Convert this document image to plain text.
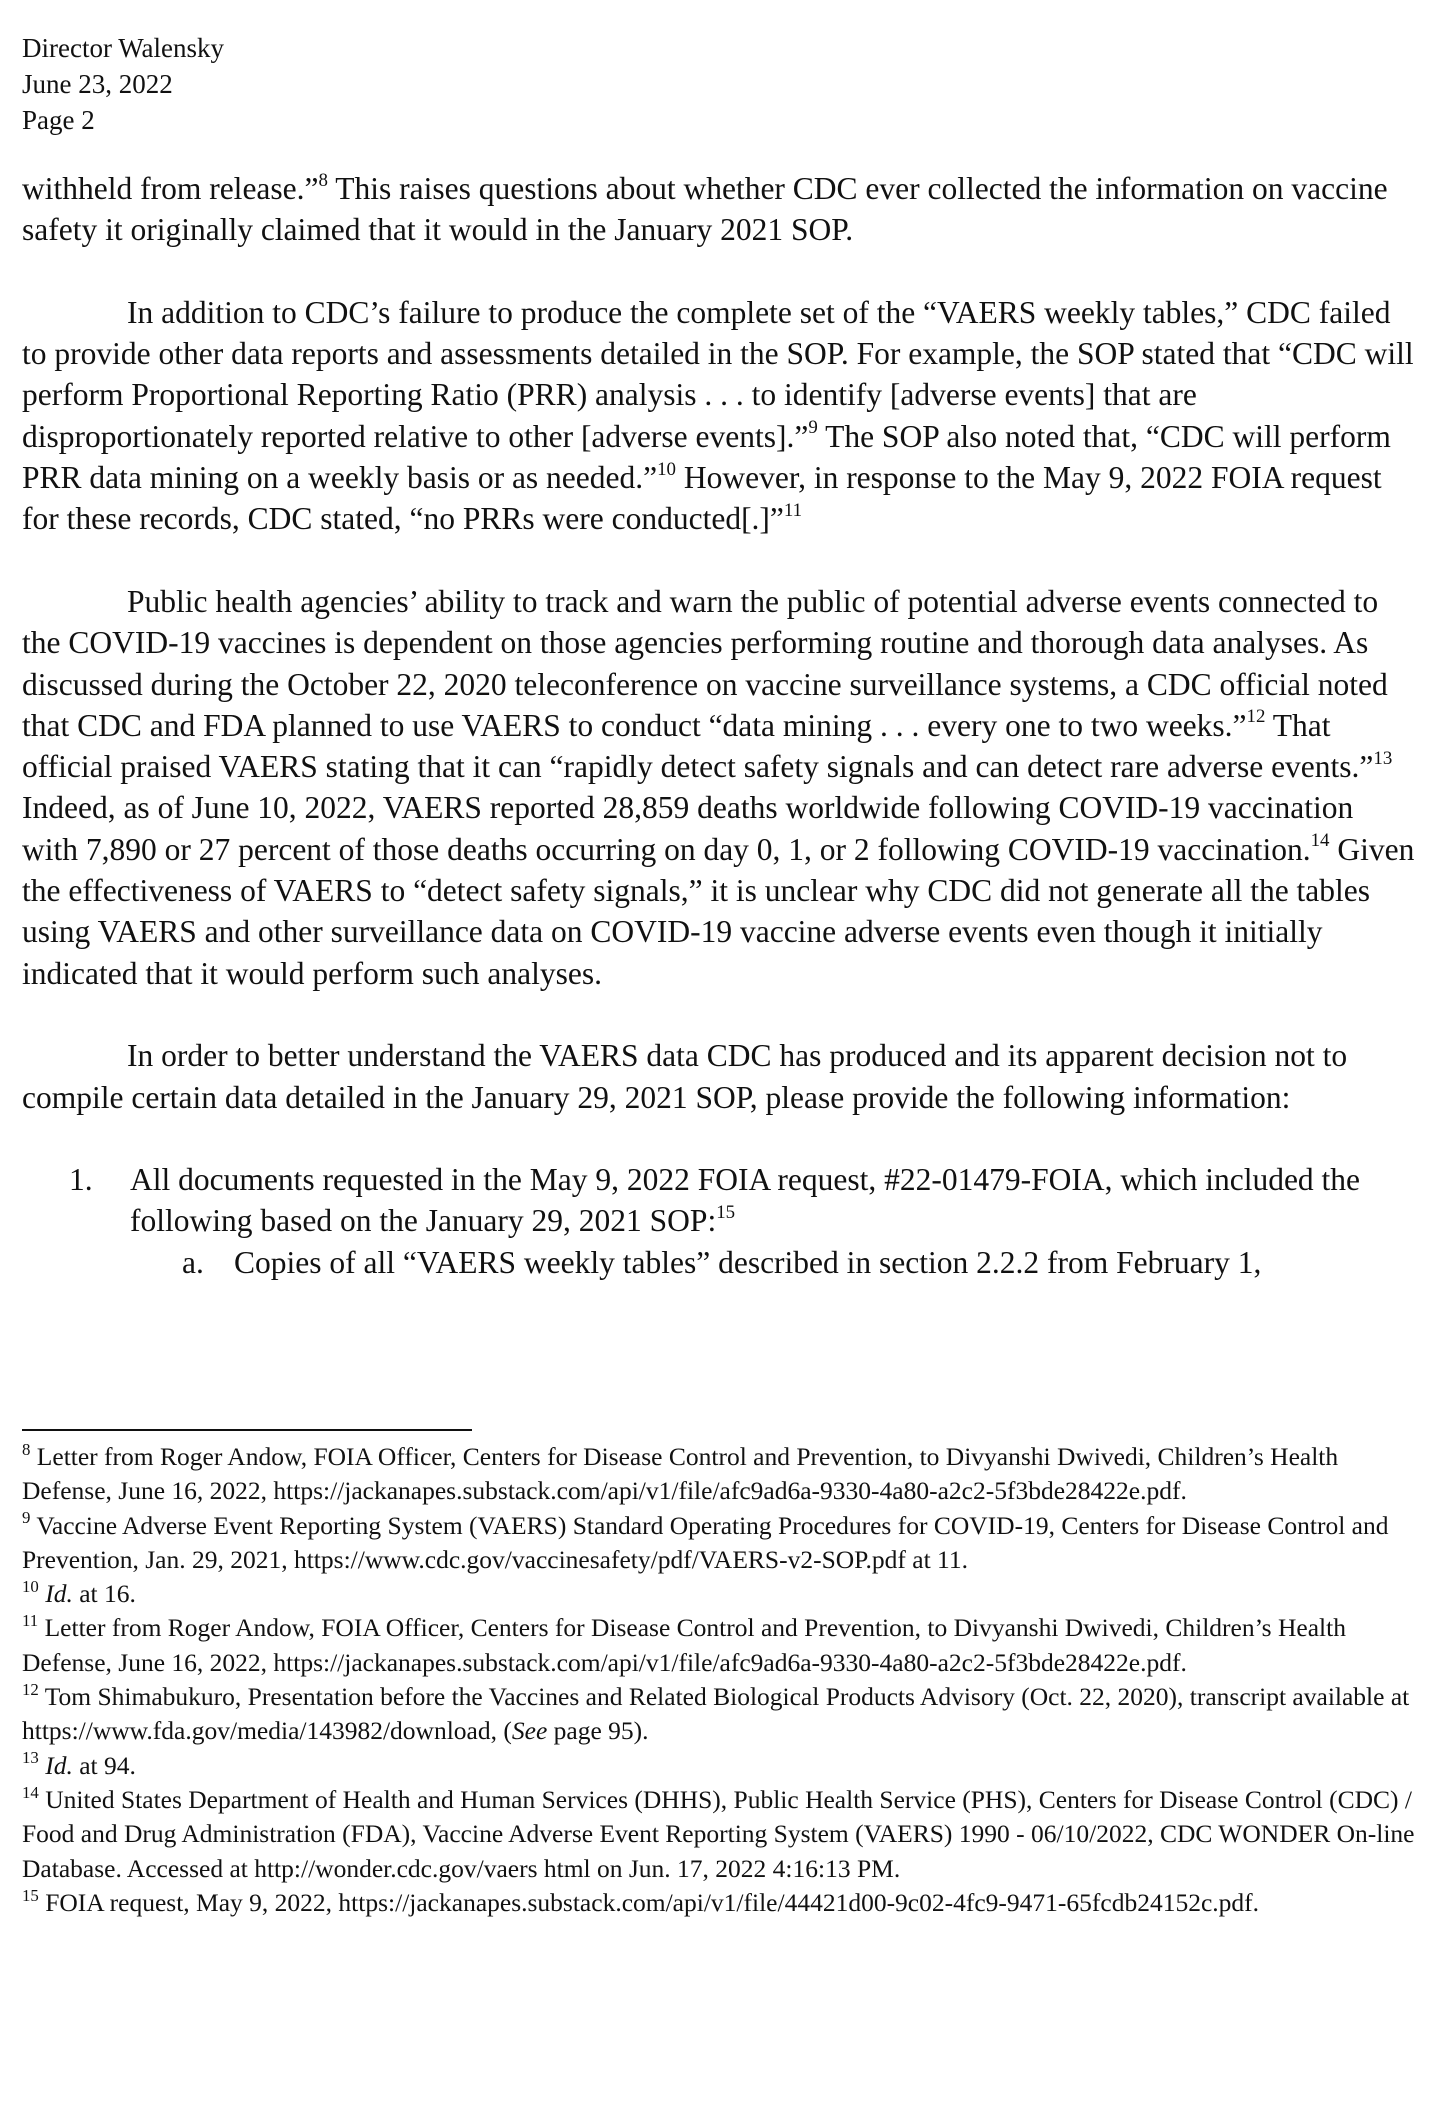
Director Walensky
June 23, 2022
Page 2

withheld from release.”$^8$ This raises questions about whether CDC ever collected the information on vaccine safety it originally claimed that it would in the January 2021 SOP.

In addition to CDC’s failure to produce the complete set of the “VAERS weekly tables,” CDC failed to provide other data reports and assessments detailed in the SOP. For example, the SOP stated that “CDC will perform Proportional Reporting Ratio (PRR) analysis . . . to identify [adverse events] that are disproportionately reported relative to other [adverse events].”$^9$ The SOP also noted that, “CDC will perform PRR data mining on a weekly basis or as needed.”$^{10}$ However, in response to the May 9, 2022 FOIA request for these records, CDC stated, “no PRRs were conducted[.]”$^{11}$

Public health agencies’ ability to track and warn the public of potential adverse events connected to the COVID-19 vaccines is dependent on those agencies performing routine and thorough data analyses. As discussed during the October 22, 2020 teleconference on vaccine surveillance systems, a CDC official noted that CDC and FDA planned to use VAERS to conduct “data mining . . . every one to two weeks.”$^{12}$ That official praised VAERS stating that it can “rapidly detect safety signals and can detect rare adverse events.”$^{13}$ Indeed, as of June 10, 2022, VAERS reported 28,859 deaths worldwide following COVID-19 vaccination with 7,890 or 27 percent of those deaths occurring on day 0, 1, or 2 following COVID-19 vaccination.$^{14}$ Given the effectiveness of VAERS to “detect safety signals,” it is unclear why CDC did not generate all the tables using VAERS and other surveillance data on COVID-19 vaccine adverse events even though it initially indicated that it would perform such analyses.

In order to better understand the VAERS data CDC has produced and its apparent decision not to compile certain data detailed in the January 29, 2021 SOP, please provide the following information:

1. All documents requested in the May 9, 2022 FOIA request, #22-01479-FOIA, which included the following based on the January 29, 2021 SOP:$^{15}$
a. Copies of all “VAERS weekly tables” described in section 2.2.2 from February 1,

$^8$ Letter from Roger Andow, FOIA Officer, Centers for Disease Control and Prevention, to Divyanshi Dwivedi, Children’s Health Defense, June 16, 2022, https://jackanapes.substack.com/api/v1/file/afc9ad6a-9330-4a80-a2c2-5f3bde28422e.pdf.

$^9$ Vaccine Adverse Event Reporting System (VAERS) Standard Operating Procedures for COVID-19, Centers for Disease Control and Prevention, Jan. 29, 2021, https://www.cdc.gov/vaccinesafety/pdf/VAERS-v2-SOP.pdf at 11.

$^{10}$ Id. at 16.

$^{11}$ Letter from Roger Andow, FOIA Officer, Centers for Disease Control and Prevention, to Divyanshi Dwivedi, Children’s Health Defense, June 16, 2022, https://jackanapes.substack.com/api/v1/file/afc9ad6a-9330-4a80-a2c2-5f3bde28422e.pdf.

$^{12}$ Tom Shimabukuro, Presentation before the Vaccines and Related Biological Products Advisory (Oct. 22, 2020), transcript available at https://www.fda.gov/media/143982/download, (See page 95).

$^{13}$ Id. at 94.

$^{14}$ United States Department of Health and Human Services (DHHS), Public Health Service (PHS), Centers for Disease Control (CDC) / Food and Drug Administration (FDA), Vaccine Adverse Event Reporting System (VAERS) 1990 - 06/10/2022, CDC WONDER On-line Database. Accessed at http://wonder.cdc.gov/vaers html on Jun. 17, 2022 4:16:13 PM.

$^{15}$ FOIA request, May 9, 2022, https://jackanapes.substack.com/api/v1/file/44421d00-9c02-4fc9-9471-65fcdb24152c.pdf.
